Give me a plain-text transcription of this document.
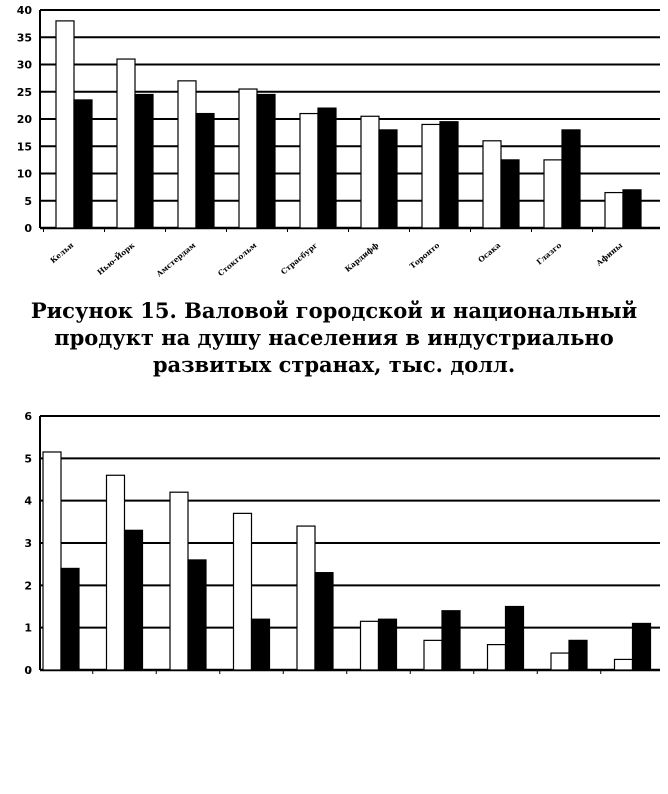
0
5
10
15
20
25
30
35
40
Кельн	Нью-Йорк Амстердам	Стокгольм	Страсбург	Кардифф	Торонто	Осака	Глазго	Афины
Рисунок 15. Валовой городской и национальный
продукт на душу населения в индустриально
развитых странах, тыс. долл.
0
1
2
3
4
5
6
